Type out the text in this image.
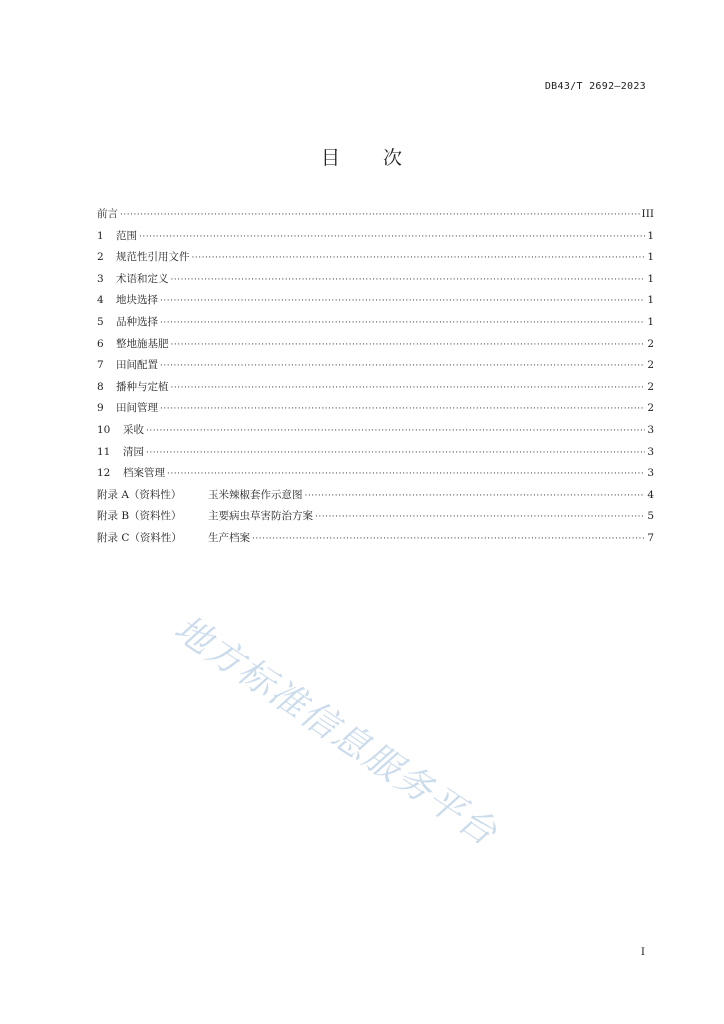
DB43/T 2692—2023
目 次
前言 ·····	III
1 范围 ·····	1
2 规范性引用文件 ·····	1
3 术语和定义 ·····	1
4 地块选择 ·····	1
5 品种选择 ·····	1
6 整地施基肥 ·····	2
7 田间配置 ·····	2
8 播种与定植 ·····	2
9 田间管理 ·····	2
10 采收 ·····	3
11 清园 ·····	3
12 档案管理 ·····	3
附录 A（资料性）	玉米辣椒套作示意图 ·····	4
附录 B（资料性）	主要病虫草害防治方案 ·····	5
附录 C（资料性） 生产档案 ·····	7
地方标准信息服务平台
I
